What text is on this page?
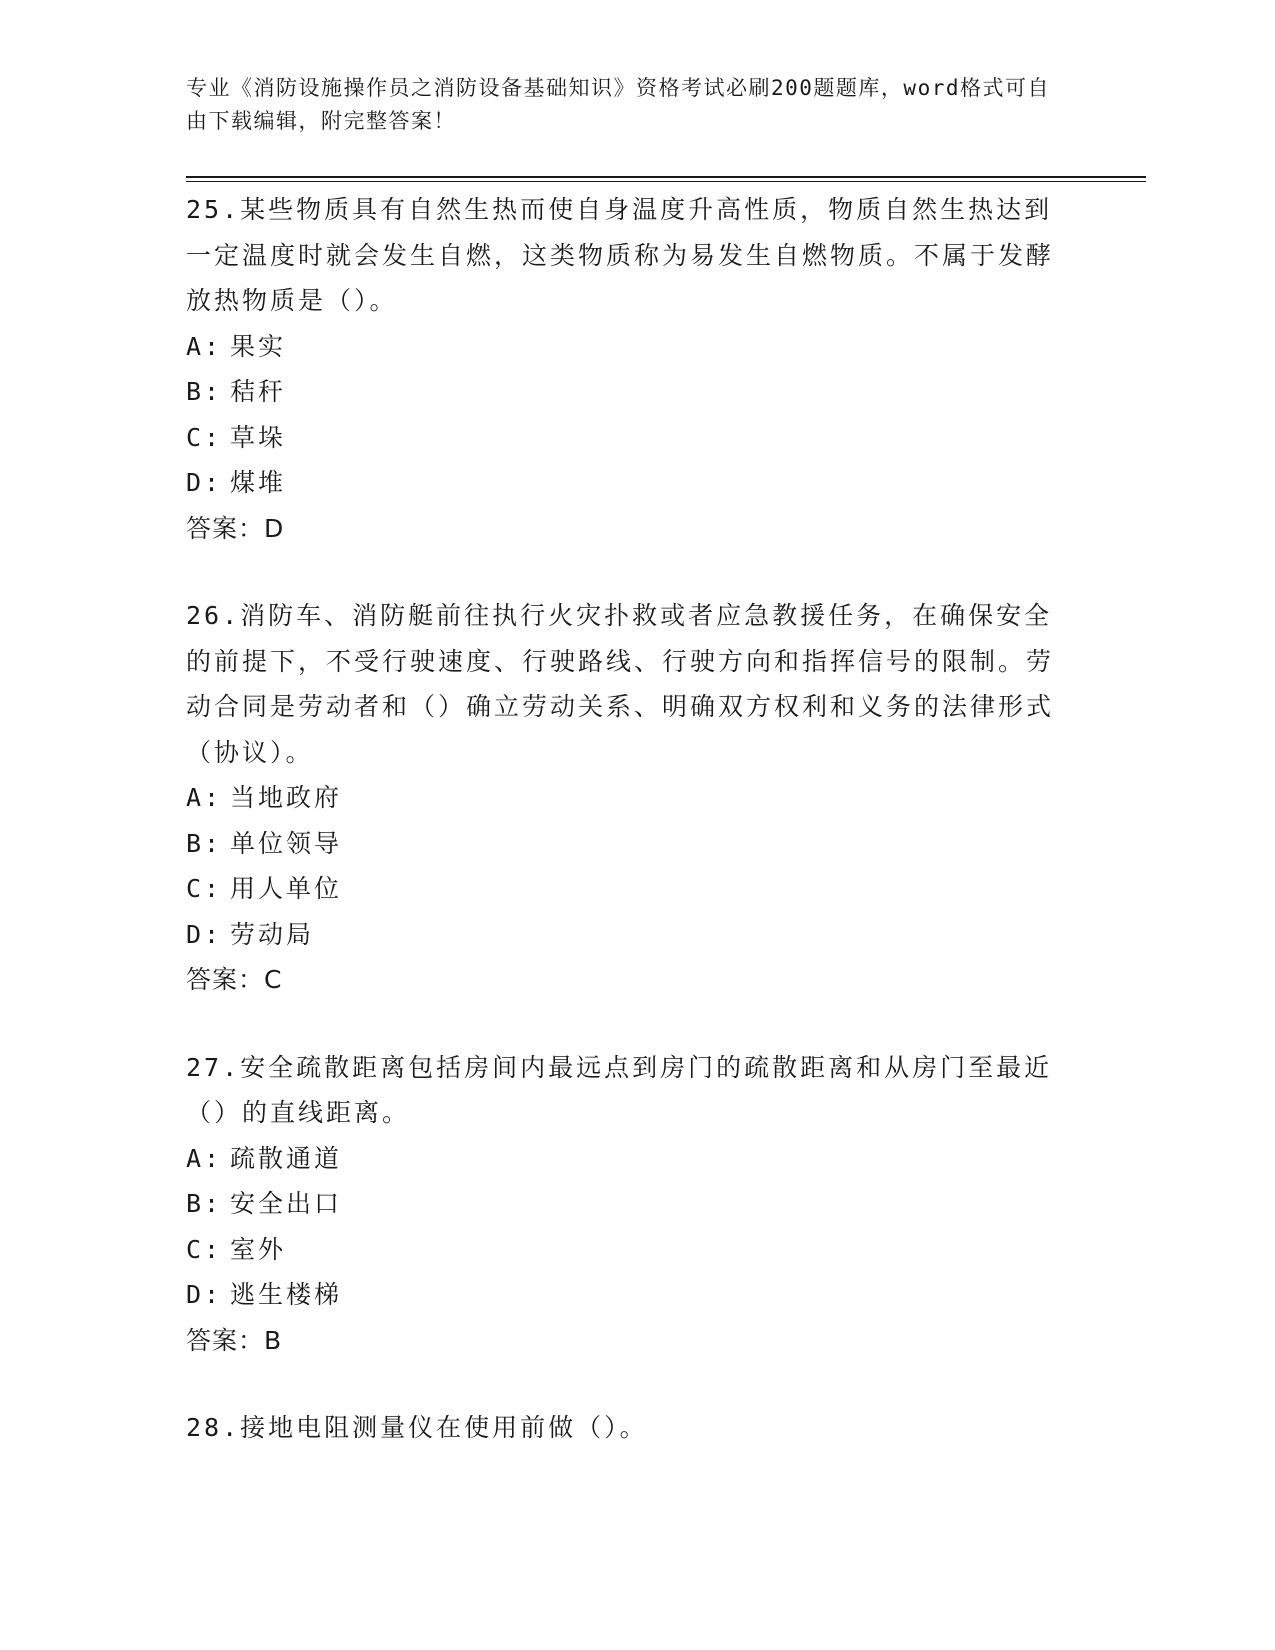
专业《消防设施操作员之消防设备基础知识》资格考试必刷200题题库，word格式可自由下载编辑，附完整答案！

25.某些物质具有自然生热而使自身温度升高性质，物质自然生热达到一定温度时就会发生自燃，这类物质称为易发生自燃物质。不属于发酵放热物质是（）。

A: 果实

B: 秸秆

C: 草垛

D: 煤堆

答案：D

26.消防车、消防艇前往执行火灾扑救或者应急教援任务，在确保安全的前提下，不受行驶速度、行驶路线、行驶方向和指挥信号的限制。劳动合同是劳动者和（）确立劳动关系、明确双方权利和义务的法律形式（协议）。

A: 当地政府

B: 单位领导

C: 用人单位

D: 劳动局

答案：C

27.安全疏散距离包括房间内最远点到房门的疏散距离和从房门至最近（）的直线距离。

A: 疏散通道

B: 安全出口

C: 室外

D: 逃生楼梯

答案：B

28.接地电阻测量仪在使用前做（）。
